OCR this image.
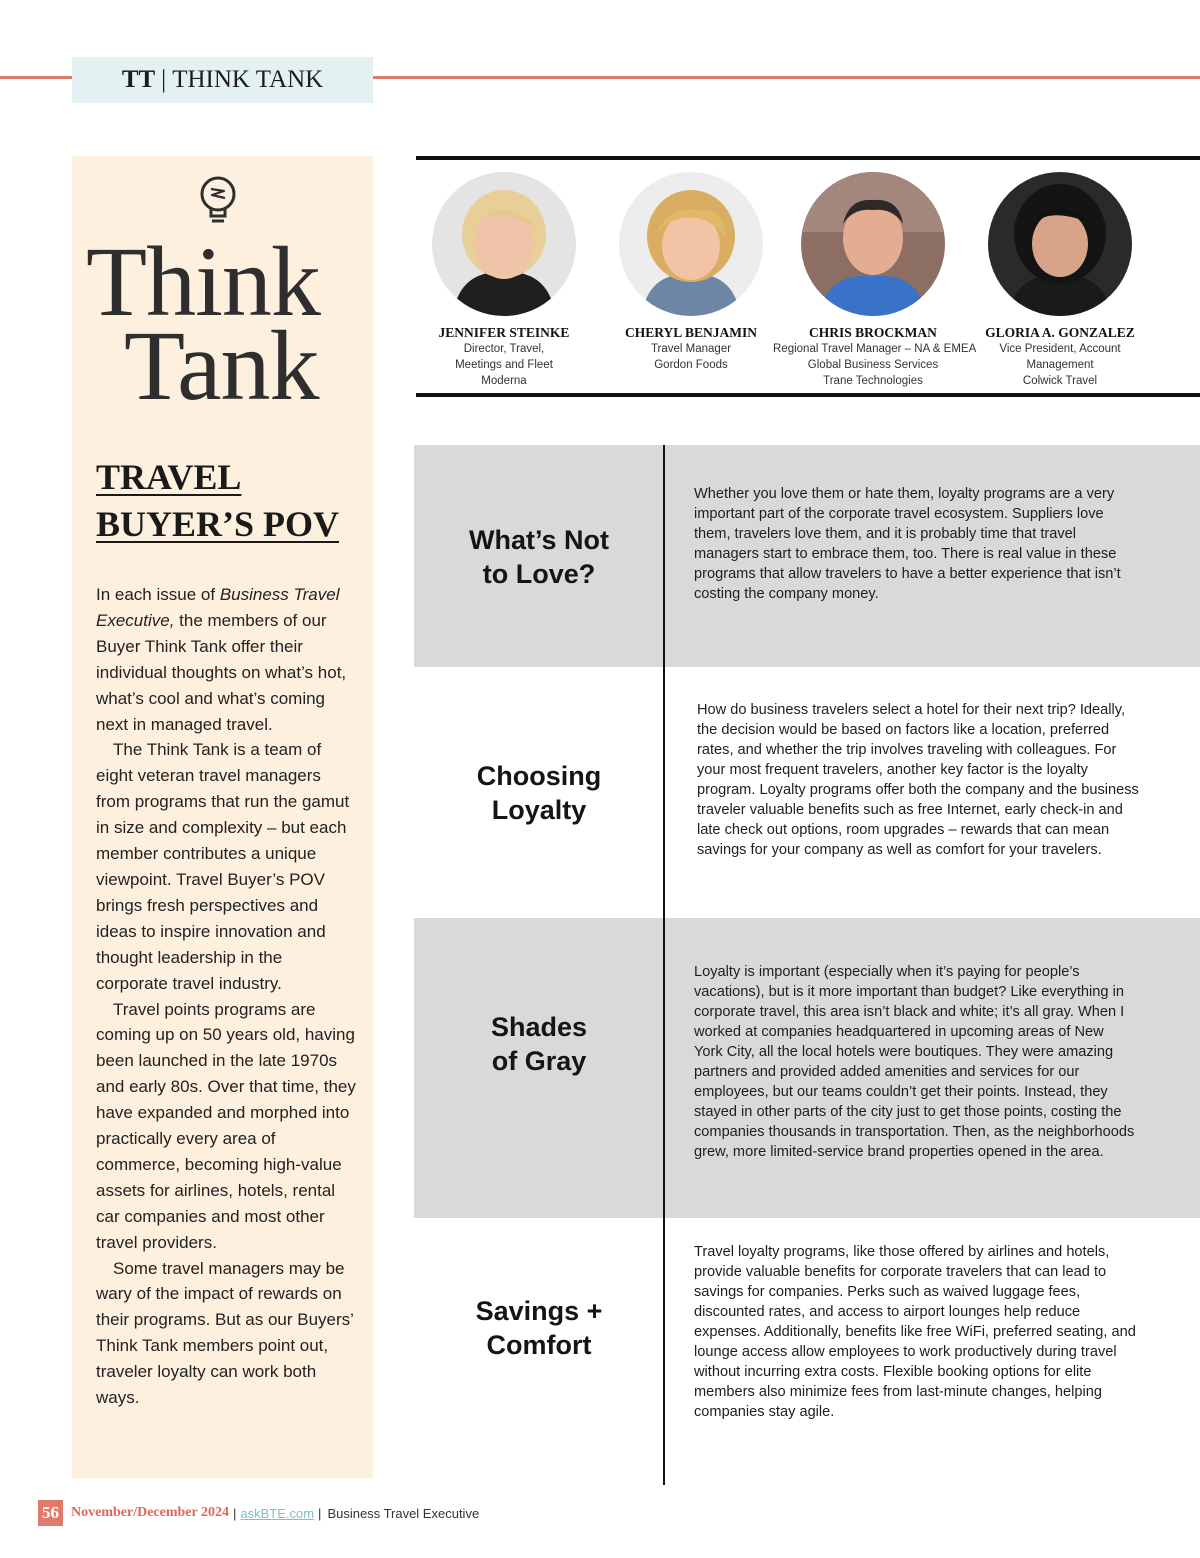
TT | THINK TANK
Think
Tank
TRAVEL
BUYER’S POV

In each issue of Business Travel Executive, the members of our Buyer Think Tank offer their individual thoughts on what’s hot, what’s cool and what’s coming next in managed travel.

The Think Tank is a team of eight veteran travel managers from programs that run the gamut in size and complexity – but each member contributes a unique viewpoint. Travel Buyer’s POV brings fresh perspectives and ideas to inspire innovation and thought leadership in the corporate travel industry.

Travel points programs are coming up on 50 years old, having been launched in the late 1970s and early 80s. Over that time, they have expanded and morphed into practically every area of commerce, becoming high-value assets for airlines, hotels, rental car companies and most other travel providers.

Some travel managers may be wary of the impact of rewards on their programs. But as our Buyers’ Think Tank members point out, traveler loyalty can work both ways.

JENNIFER STEINKE
Director, Travel,
Meetings and Fleet
Moderna
CHERYL BENJAMIN
Travel Manager
Gordon Foods
CHRIS BROCKMAN
Regional Travel Manager – NA & EMEA
Global Business Services
Trane Technologies
GLORIA A. GONZALEZ
Vice President, Account
Management
Colwick Travel
What’s Not
to Love?
Whether you love them or hate them, loyalty programs are a very important part of the corporate travel ecosystem. Suppliers love them, travelers love them, and it is probably time that travel managers start to embrace them, too. There is real value in these programs that allow travelers to have a better experience that isn’t costing the company money.
Choosing
Loyalty
How do business travelers select a hotel for their next trip? Ideally, the decision would be based on factors like a location, preferred rates, and whether the trip involves traveling with colleagues. For your most frequent travelers, another key factor is the loyalty program. Loyalty programs offer both the company and the business traveler valuable benefits such as free Internet, early check-in and late check out options, room upgrades – rewards that can mean savings for your company as well as comfort for your travelers.
Shades
of Gray
Loyalty is important (especially when it’s paying for people’s vacations), but is it more important than budget? Like everything in corporate travel, this area isn’t black and white; it’s all gray. When I worked at companies headquartered in upcoming areas of New York City, all the local hotels were boutiques. They were amazing partners and provided added amenities and services for our employees, but our teams couldn’t get their points. Instead, they stayed in other parts of the city just to get those points, costing the companies thousands in transportation. Then, as the neighborhoods grew, more limited-service brand properties opened in the area.
Savings +
Comfort
Travel loyalty programs, like those offered by airlines and hotels, provide valuable benefits for corporate travelers that can lead to savings for companies. Perks such as waived luggage fees, discounted rates, and access to airport lounges help reduce expenses. Additionally, benefits like free WiFi, preferred seating, and lounge access allow employees to work productively during travel without incurring extra costs. Flexible booking options for elite members also minimize fees from last-minute changes, helping companies stay agile.
56 November/December 2024 | askBTE.com | Business Travel Executive
